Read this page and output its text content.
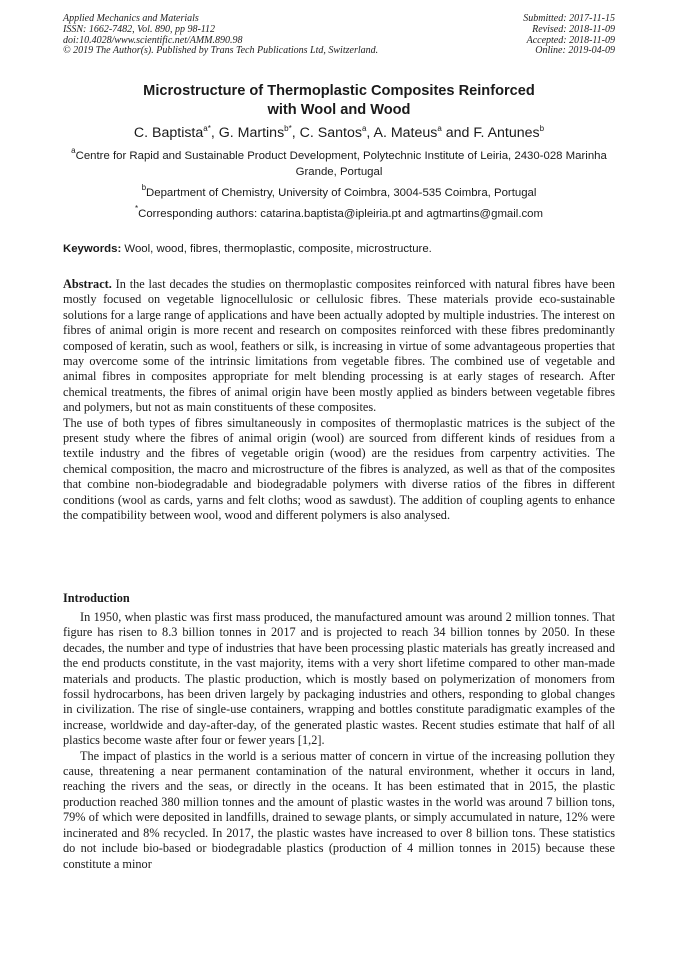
Applied Mechanics and Materials
ISSN: 1662-7482, Vol. 890, pp 98-112
doi:10.4028/www.scientific.net/AMM.890.98
© 2019 The Author(s). Published by Trans Tech Publications Ltd, Switzerland.
Submitted: 2017-11-15
Revised: 2018-11-09
Accepted: 2018-11-09
Online: 2019-04-09
Microstructure of Thermoplastic Composites Reinforced
with Wool and Wood
C. Baptista$^{a*}$, G. Martins$^{b*}$, C. Santos$^a$, A. Mateus$^a$ and F. Antunes$^b$
$^a$Centre for Rapid and Sustainable Product Development, Polytechnic Institute of Leiria, 2430-028 Marinha Grande, Portugal
$^b$Department of Chemistry, University of Coimbra, 3004-535 Coimbra, Portugal
*Corresponding authors: catarina.baptista@ipleiria.pt and agtmartins@gmail.com
Keywords: Wool, wood, fibres, thermoplastic, composite, microstructure.

Abstract. In the last decades the studies on thermoplastic composites reinforced with natural fibres have been mostly focused on vegetable lignocellulosic or cellulosic fibres. These materials provide eco-sustainable solutions for a large range of applications and have been actually adopted by multiple industries. The interest on fibres of animal origin is more recent and research on composites reinforced with these fibres predominantly composed of keratin, such as wool, feathers or silk, is increasing in virtue of some advantageous properties that may overcome some of the intrinsic limitations from vegetable fibres. The combined use of vegetable and animal fibres in composites appropriate for melt blending processing is at early stages of research. After chemical treatments, the fibres of animal origin have been mostly applied as binders between vegetable fibres and polymers, but not as main constituents of these composites.

The use of both types of fibres simultaneously in composites of thermoplastic matrices is the subject of the present study where the fibres of animal origin (wool) are sourced from different kinds of residues from a textile industry and the fibres of vegetable origin (wood) are the residues from carpentry activities. The chemical composition, the macro and microstructure of the fibres is analyzed, as well as that of the composites that combine non-biodegradable and biodegradable polymers with diverse ratios of the fibres in different conditions (wool as cards, yarns and felt cloths; wood as sawdust). The addition of coupling agents to enhance the compatibility between wool, wood and different polymers is also analysed.

Introduction

In 1950, when plastic was first mass produced, the manufactured amount was around 2 million tonnes. That figure has risen to 8.3 billion tonnes in 2017 and is projected to reach 34 billion tonnes by 2050. In these decades, the number and type of industries that have been processing plastic materials has greatly increased and the end products constitute, in the vast majority, items with a very short lifetime compared to other man-made materials and products. The plastic production, which is mostly based on polymerization of monomers from fossil hydrocarbons, has been driven largely by packaging industries and others, responding to global changes in civilization. The rise of single-use containers, wrapping and bottles constitute paradigmatic examples of the increase, worldwide and day-after-day, of the generated plastic wastes. Recent studies estimate that half of all plastics become waste after four or fewer years [1,2].

The impact of plastics in the world is a serious matter of concern in virtue of the increasing pollution they cause, threatening a near permanent contamination of the natural environment, whether it occurs in land, reaching the rivers and the seas, or directly in the oceans. It has been estimated that in 2015, the plastic production reached 380 million tonnes and the amount of plastic wastes in the world was around 7 billion tons, 79% of which were deposited in landfills, drained to sewage plants, or simply accumulated in nature, 12% were incinerated and 8% recycled. In 2017, the plastic wastes have increased to over 8 billion tons. These statistics do not include bio-based or biodegradable plastics (production of 4 million tonnes in 2015) because these constitute a minor
